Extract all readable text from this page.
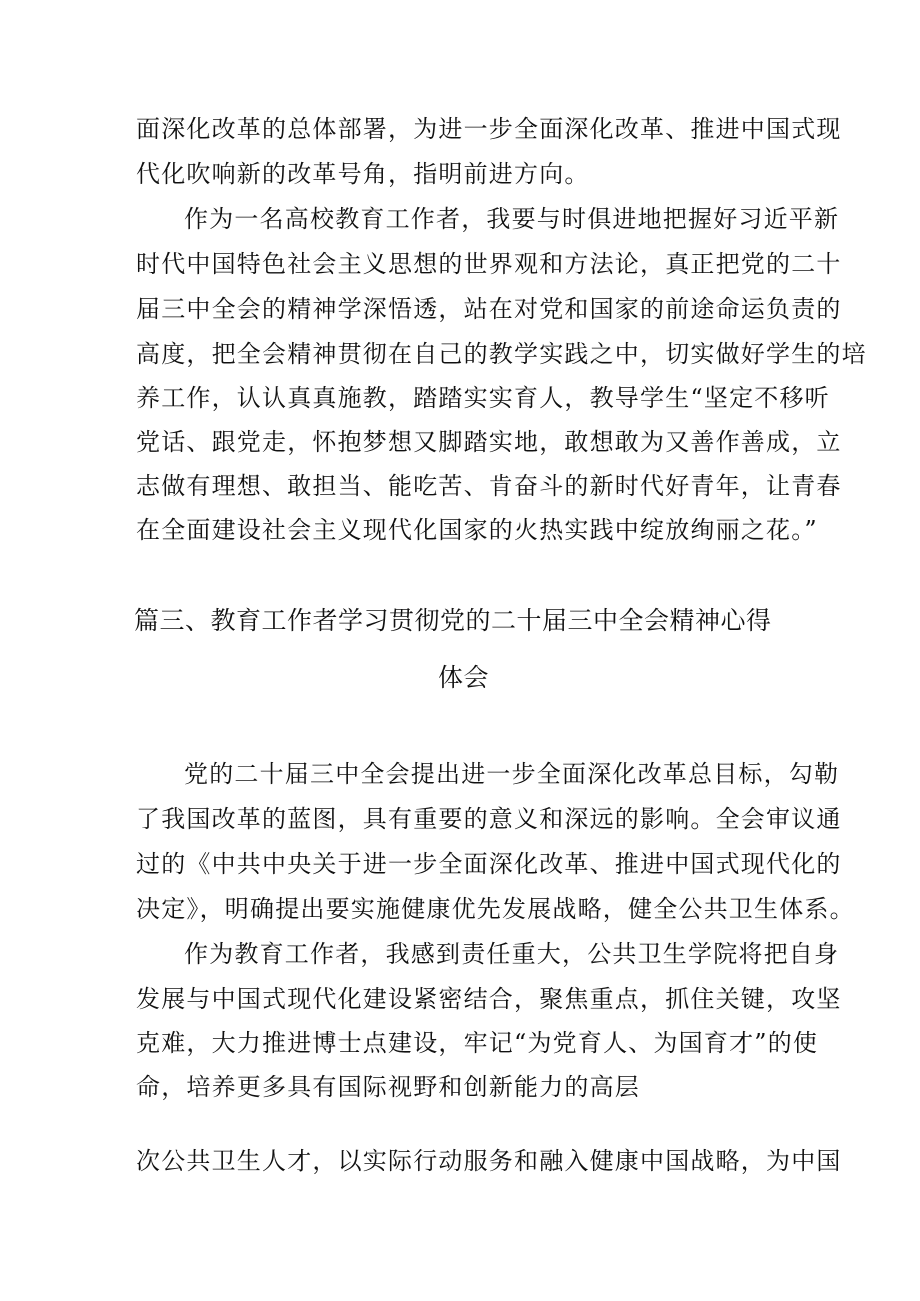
面深化改革的总体部署，为进一步全面深化改革、推进中国式现
代化吹响新的改革号角，指明前进方向。
作为一名高校教育工作者，我要与时俱进地把握好习近平新
时代中国特色社会主义思想的世界观和方法论，真正把党的二十
届三中全会的精神学深悟透，站在对党和国家的前途命运负责的
高度，把全会精神贯彻在自己的教学实践之中，切实做好学生的培
养工作，认认真真施教，踏踏实实育人，教导学生“坚定不移听
党话、跟党走，怀抱梦想又脚踏实地，敢想敢为又善作善成，立
志做有理想、敢担当、能吃苦、肯奋斗的新时代好青年，让青春
在全面建设社会主义现代化国家的火热实践中绽放绚丽之花。”
篇三、教育工作者学习贯彻党的二十届三中全会精神心得
体会
党的二十届三中全会提出进一步全面深化改革总目标，勾勒
了我国改革的蓝图，具有重要的意义和深远的影响。全会审议通
过的《中共中央关于进一步全面深化改革、推进中国式现代化的
决定》，明确提出要实施健康优先发展战略，健全公共卫生体系。
作为教育工作者，我感到责任重大，公共卫生学院将把自身
发展与中国式现代化建设紧密结合，聚焦重点，抓住关键，攻坚
克难，大力推进博士点建设，牢记“为党育人、为国育才”的使
命，培养更多具有国际视野和创新能力的高层
次公共卫生人才，以实际行动服务和融入健康中国战略，为中国
